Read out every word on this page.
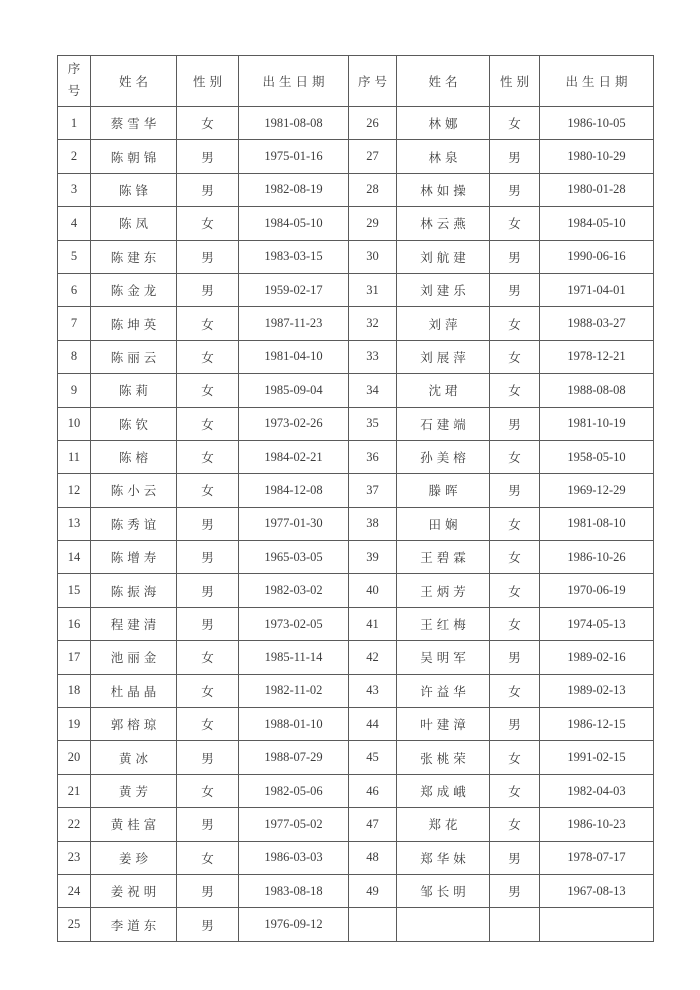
序号	姓名	性别	出生日期	序号	姓名	性别	出生日期
1	蔡雪华	女	1981-08-08	26	林娜	女	1986-10-05
2	陈朝锦	男	1975-01-16	27	林泉	男	1980-10-29
3	陈锋	男	1982-08-19	28	林如操	男	1980-01-28
4	陈凤	女	1984-05-10	29	林云燕	女	1984-05-10
5	陈建东	男	1983-03-15	30	刘航建	男	1990-06-16
6	陈金龙	男	1959-02-17	31	刘建乐	男	1971-04-01
7	陈坤英	女	1987-11-23	32	刘萍	女	1988-03-27
8	陈丽云	女	1981-04-10	33	刘展萍	女	1978-12-21
9	陈莉	女	1985-09-04	34	沈珺	女	1988-08-08
10	陈钦	女	1973-02-26	35	石建端	男	1981-10-19
11	陈榕	女	1984-02-21	36	孙美榕	女	1958-05-10
12	陈小云	女	1984-12-08	37	滕晖	男	1969-12-29
13	陈秀谊	男	1977-01-30	38	田娴	女	1981-08-10
14	陈增寿	男	1965-03-05	39	王碧霖	女	1986-10-26
15	陈振海	男	1982-03-02	40	王炳芳	女	1970-06-19
16	程建清	男	1973-02-05	41	王红梅	女	1974-05-13
17	池丽金	女	1985-11-14	42	吴明军	男	1989-02-16
18	杜晶晶	女	1982-11-02	43	许益华	女	1989-02-13
19	郭榕琼	女	1988-01-10	44	叶建漳	男	1986-12-15
20	黄冰	男	1988-07-29	45	张桃荣	女	1991-02-15
21	黄芳	女	1982-05-06	46	郑成峨	女	1982-04-03
22	黄桂富	男	1977-05-02	47	郑花	女	1986-10-23
23	姜珍	女	1986-03-03	48	郑华妹	男	1978-07-17
24	姜祝明	男	1983-08-18	49	邹长明	男	1967-08-13
25	李道东	男	1976-09-12				
